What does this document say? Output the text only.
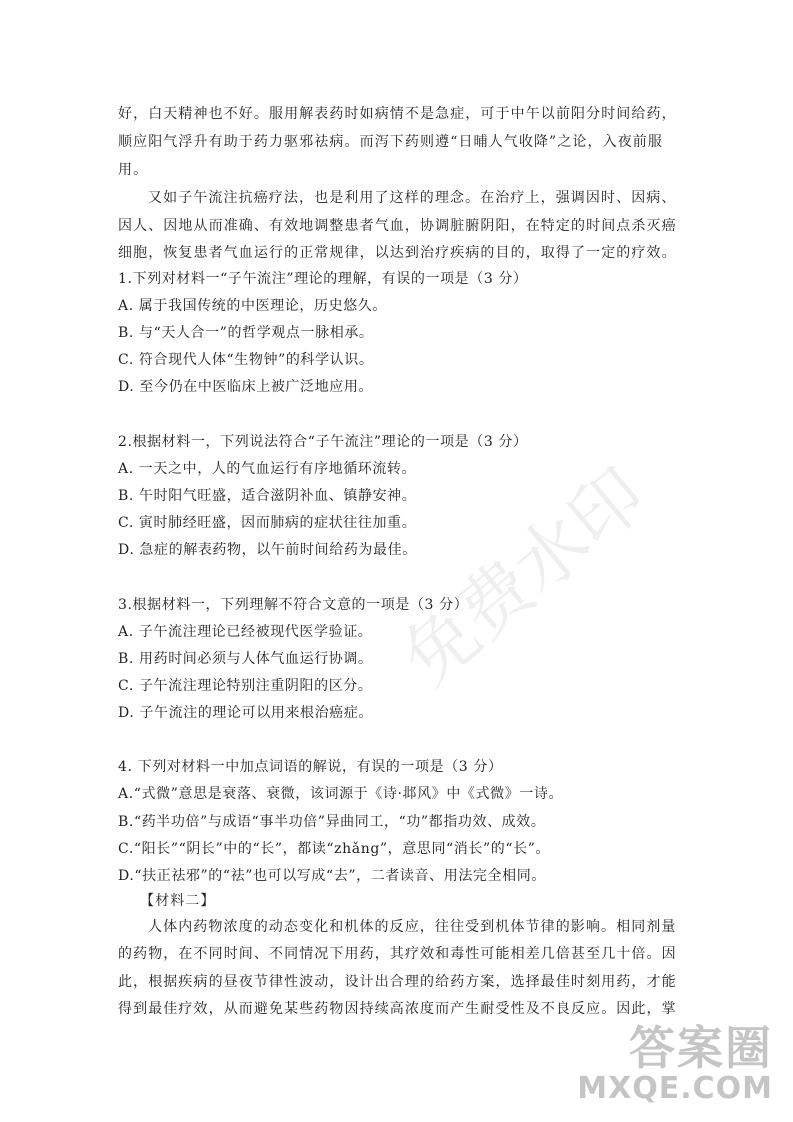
免费水印
好，白天精神也不好。服用解表药时如病情不是急症，可于中午以前阳分时间给药，
顺应阳气浮升有助于药力驱邪祛病。而泻下药则遵“日晡人气收降”之论，入夜前服
用。
又如子午流注抗癌疗法，也是利用了这样的理念。在治疗上，强调因时、因病、
因人、因地从而准确、有效地调整患者气血，协调脏腑阴阳，在特定的时间点杀灭癌
细胞，恢复患者气血运行的正常规律，以达到治疗疾病的目的，取得了一定的疗效。
1.下列对材料一“子午流注”理论的理解，有误的一项是（3 分）
A. 属于我国传统的中医理论，历史悠久。
B. 与“天人合一”的哲学观点一脉相承。
C. 符合现代人体“生物钟”的科学认识。
D. 至今仍在中医临床上被广泛地应用。
2.根据材料一，下列说法符合“子午流注”理论的一项是（3 分）
A. 一天之中，人的气血运行有序地循环流转。
B. 午时阳气旺盛，适合滋阴补血、镇静安神。
C. 寅时肺经旺盛，因而肺病的症状往往加重。
D. 急症的解表药物，以午前时间给药为最佳。
3.根据材料一，下列理解不符合文意的一项是（3 分）
A. 子午流注理论已经被现代医学验证。
B. 用药时间必须与人体气血运行协调。
C. 子午流注理论特别注重阴阳的区分。
D. 子午流注的理论可以用来根治癌症。
4. 下列对材料一中加点词语的解说，有误的一项是（3 分）
A.“式微”意思是衰落、衰微，该词源于《诗·邶风》中《式微》一诗。
B.“药半功倍”与成语“事半功倍”异曲同工，“功”都指功效、成效。
C.“阳长”“阴长”中的“长”，都读“zhǎng”，意思同“消长”的“长”。
D.“扶正祛邪”的“祛”也可以写成“去”，二者读音、用法完全相同。
【材料二】
人体内药物浓度的动态变化和机体的反应，往往受到机体节律的影响。相同剂量
的药物，在不同时间、不同情况下用药，其疗效和毒性可能相差几倍甚至几十倍。因
此，根据疾病的昼夜节律性波动，设计出合理的给药方案，选择最佳时刻用药，才能
得到最佳疗效，从而避免某些药物因持续高浓度而产生耐受性及不良反应。因此，掌
答案圈
MXQE.COM
